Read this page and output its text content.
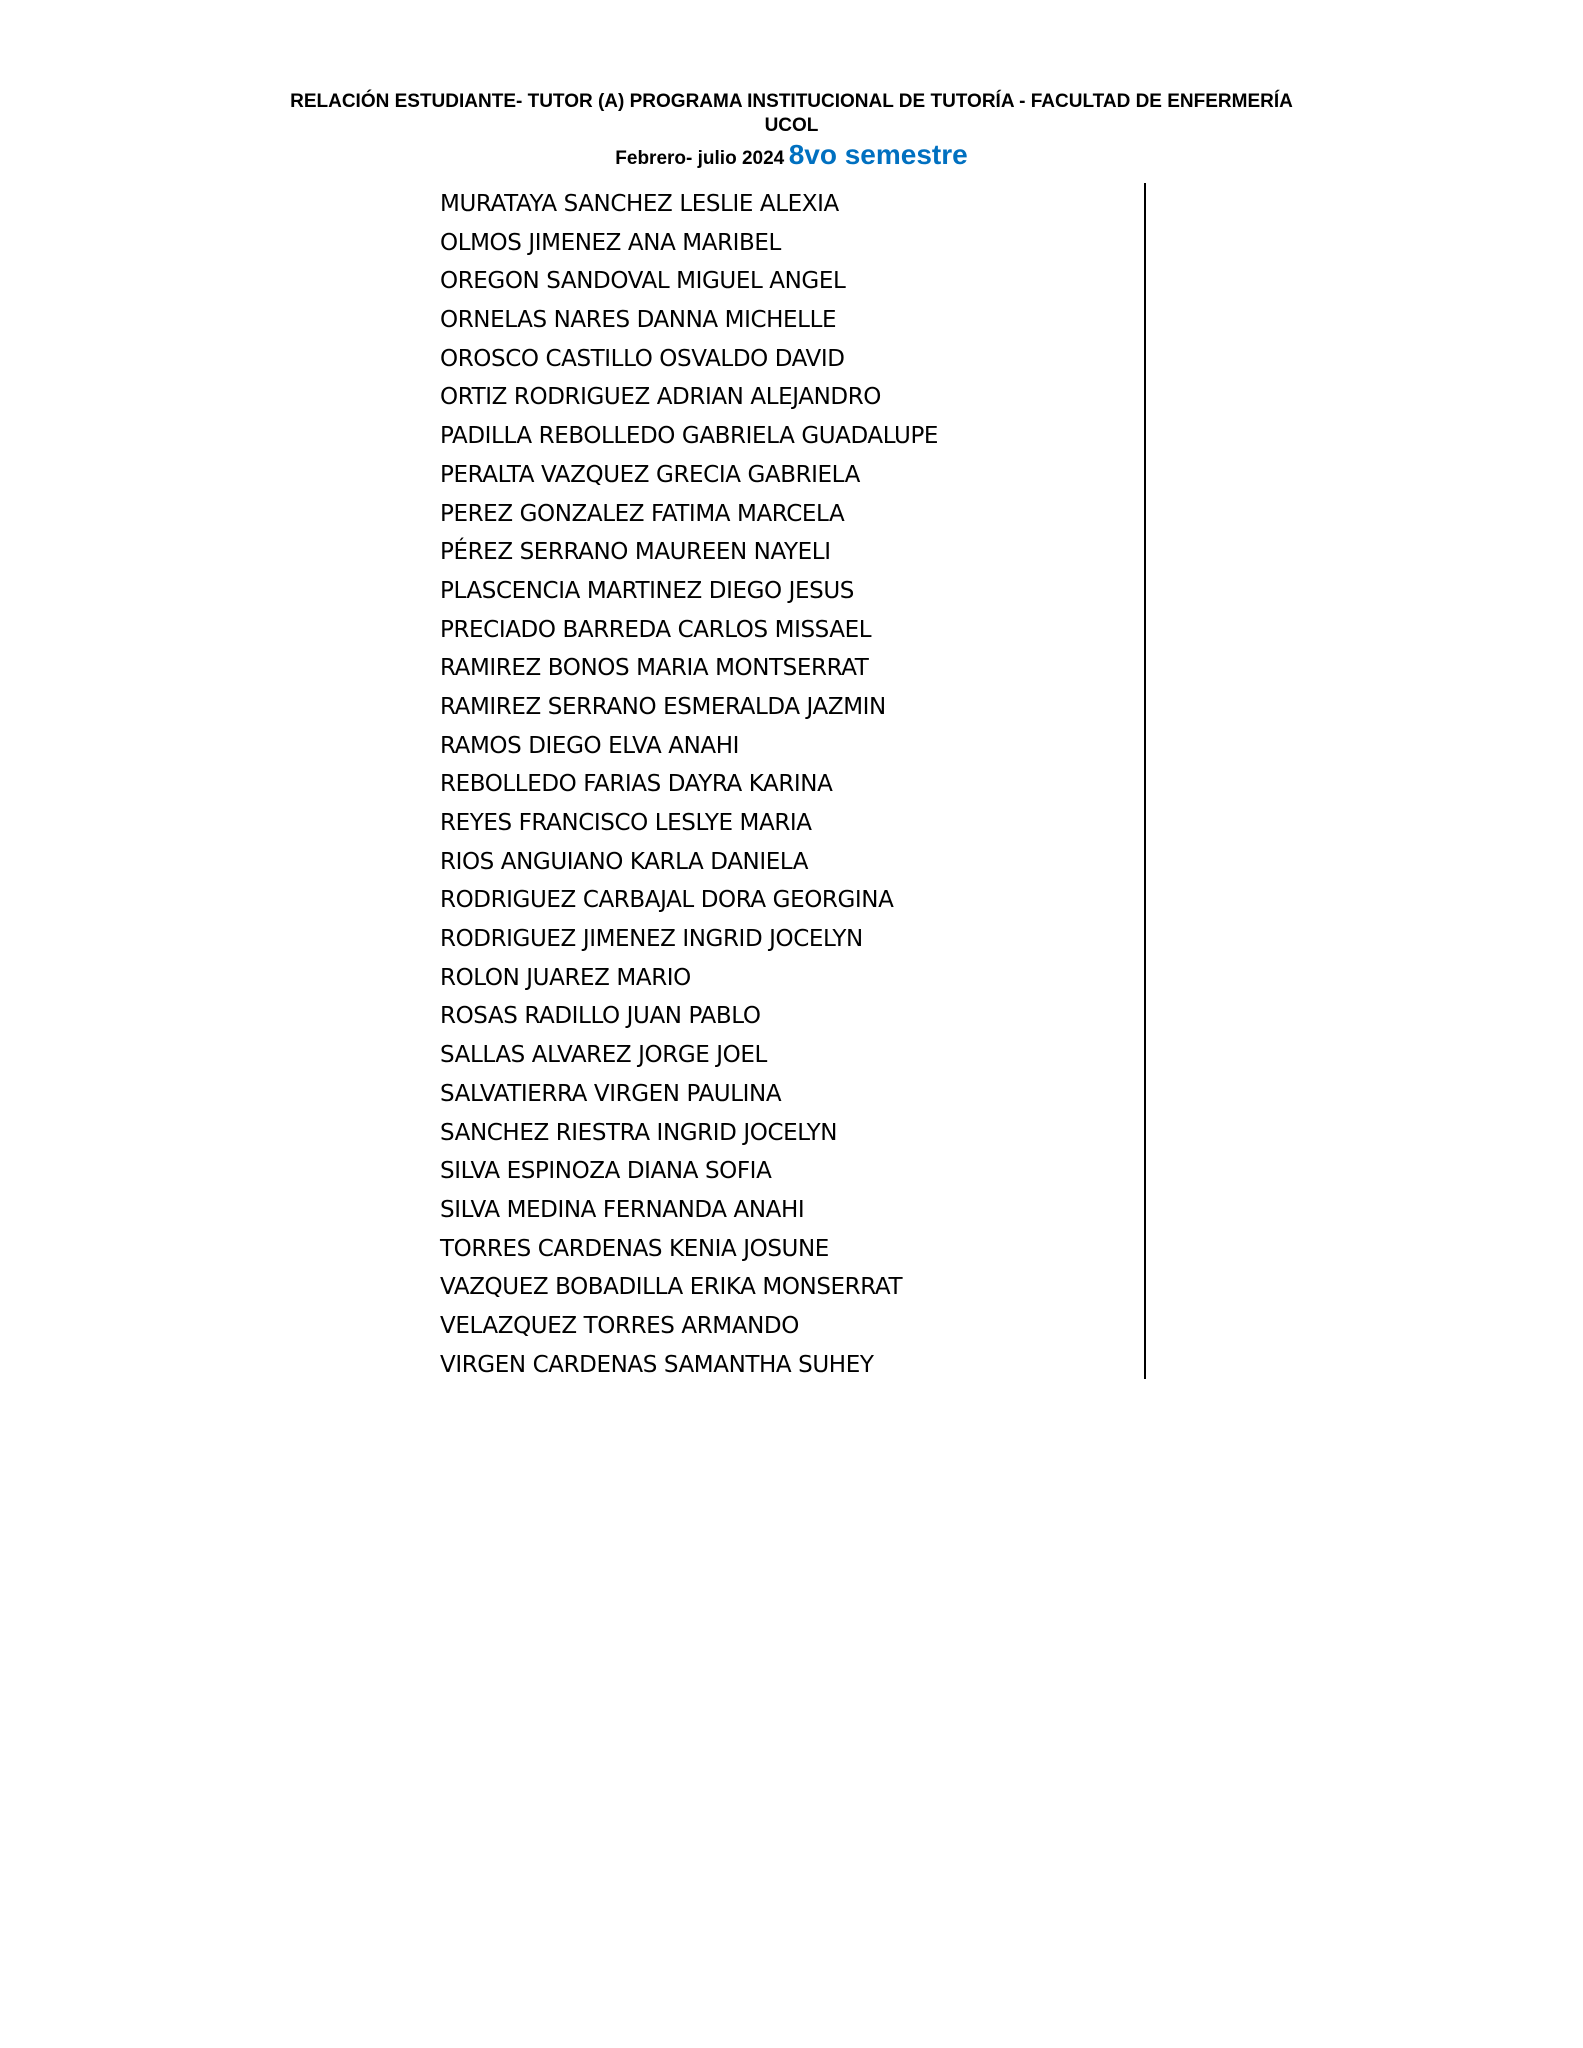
RELACIÓN ESTUDIANTE- TUTOR (A) PROGRAMA INSTITUCIONAL DE TUTORÍA - FACULTAD DE ENFERMERÍA
UCOL
Febrero- julio 2024 8vo semestre
MURATAYA SANCHEZ LESLIE ALEXIA
OLMOS JIMENEZ ANA MARIBEL
OREGON SANDOVAL MIGUEL ANGEL
ORNELAS NARES DANNA MICHELLE
OROSCO CASTILLO OSVALDO DAVID
ORTIZ RODRIGUEZ ADRIAN ALEJANDRO
PADILLA REBOLLEDO GABRIELA GUADALUPE
PERALTA VAZQUEZ GRECIA GABRIELA
PEREZ GONZALEZ FATIMA MARCELA
PÉREZ SERRANO MAUREEN NAYELI
PLASCENCIA MARTINEZ DIEGO JESUS
PRECIADO BARREDA CARLOS MISSAEL
RAMIREZ BONOS MARIA MONTSERRAT
RAMIREZ SERRANO ESMERALDA JAZMIN
RAMOS DIEGO ELVA ANAHI
REBOLLEDO FARIAS DAYRA KARINA
REYES FRANCISCO LESLYE MARIA
RIOS ANGUIANO KARLA DANIELA
RODRIGUEZ CARBAJAL DORA GEORGINA
RODRIGUEZ JIMENEZ INGRID JOCELYN
ROLON JUAREZ MARIO
ROSAS RADILLO JUAN PABLO
SALLAS ALVAREZ JORGE JOEL
SALVATIERRA VIRGEN PAULINA
SANCHEZ RIESTRA INGRID JOCELYN
SILVA ESPINOZA DIANA SOFIA
SILVA MEDINA FERNANDA ANAHI
TORRES CARDENAS KENIA JOSUNE
VAZQUEZ BOBADILLA ERIKA MONSERRAT
VELAZQUEZ TORRES ARMANDO
VIRGEN CARDENAS SAMANTHA SUHEY
